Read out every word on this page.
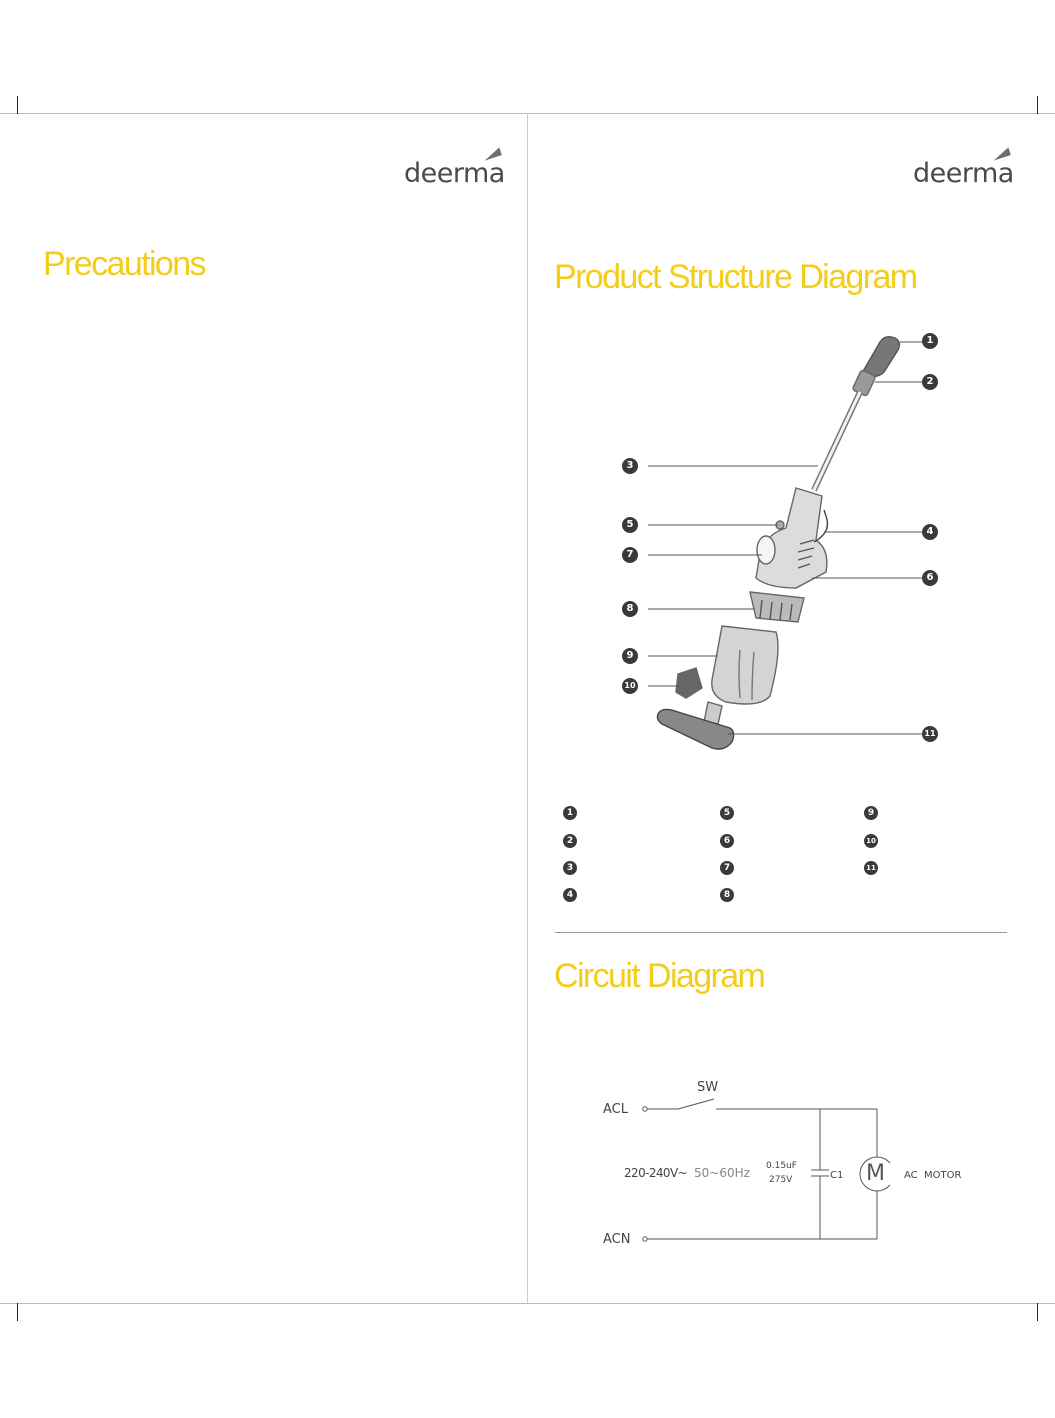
deerma
Precautions
deerma
Product Structure Diagram
1
2
3
4
5
6
7
8
9
10
11
1
2
3
4
5
6
7
8
9
10
11
Circuit Diagram
ACL
ACN
SW
220-240V~ 50~60Hz 0.15uF
275V	C1 M AC  MOTOR
